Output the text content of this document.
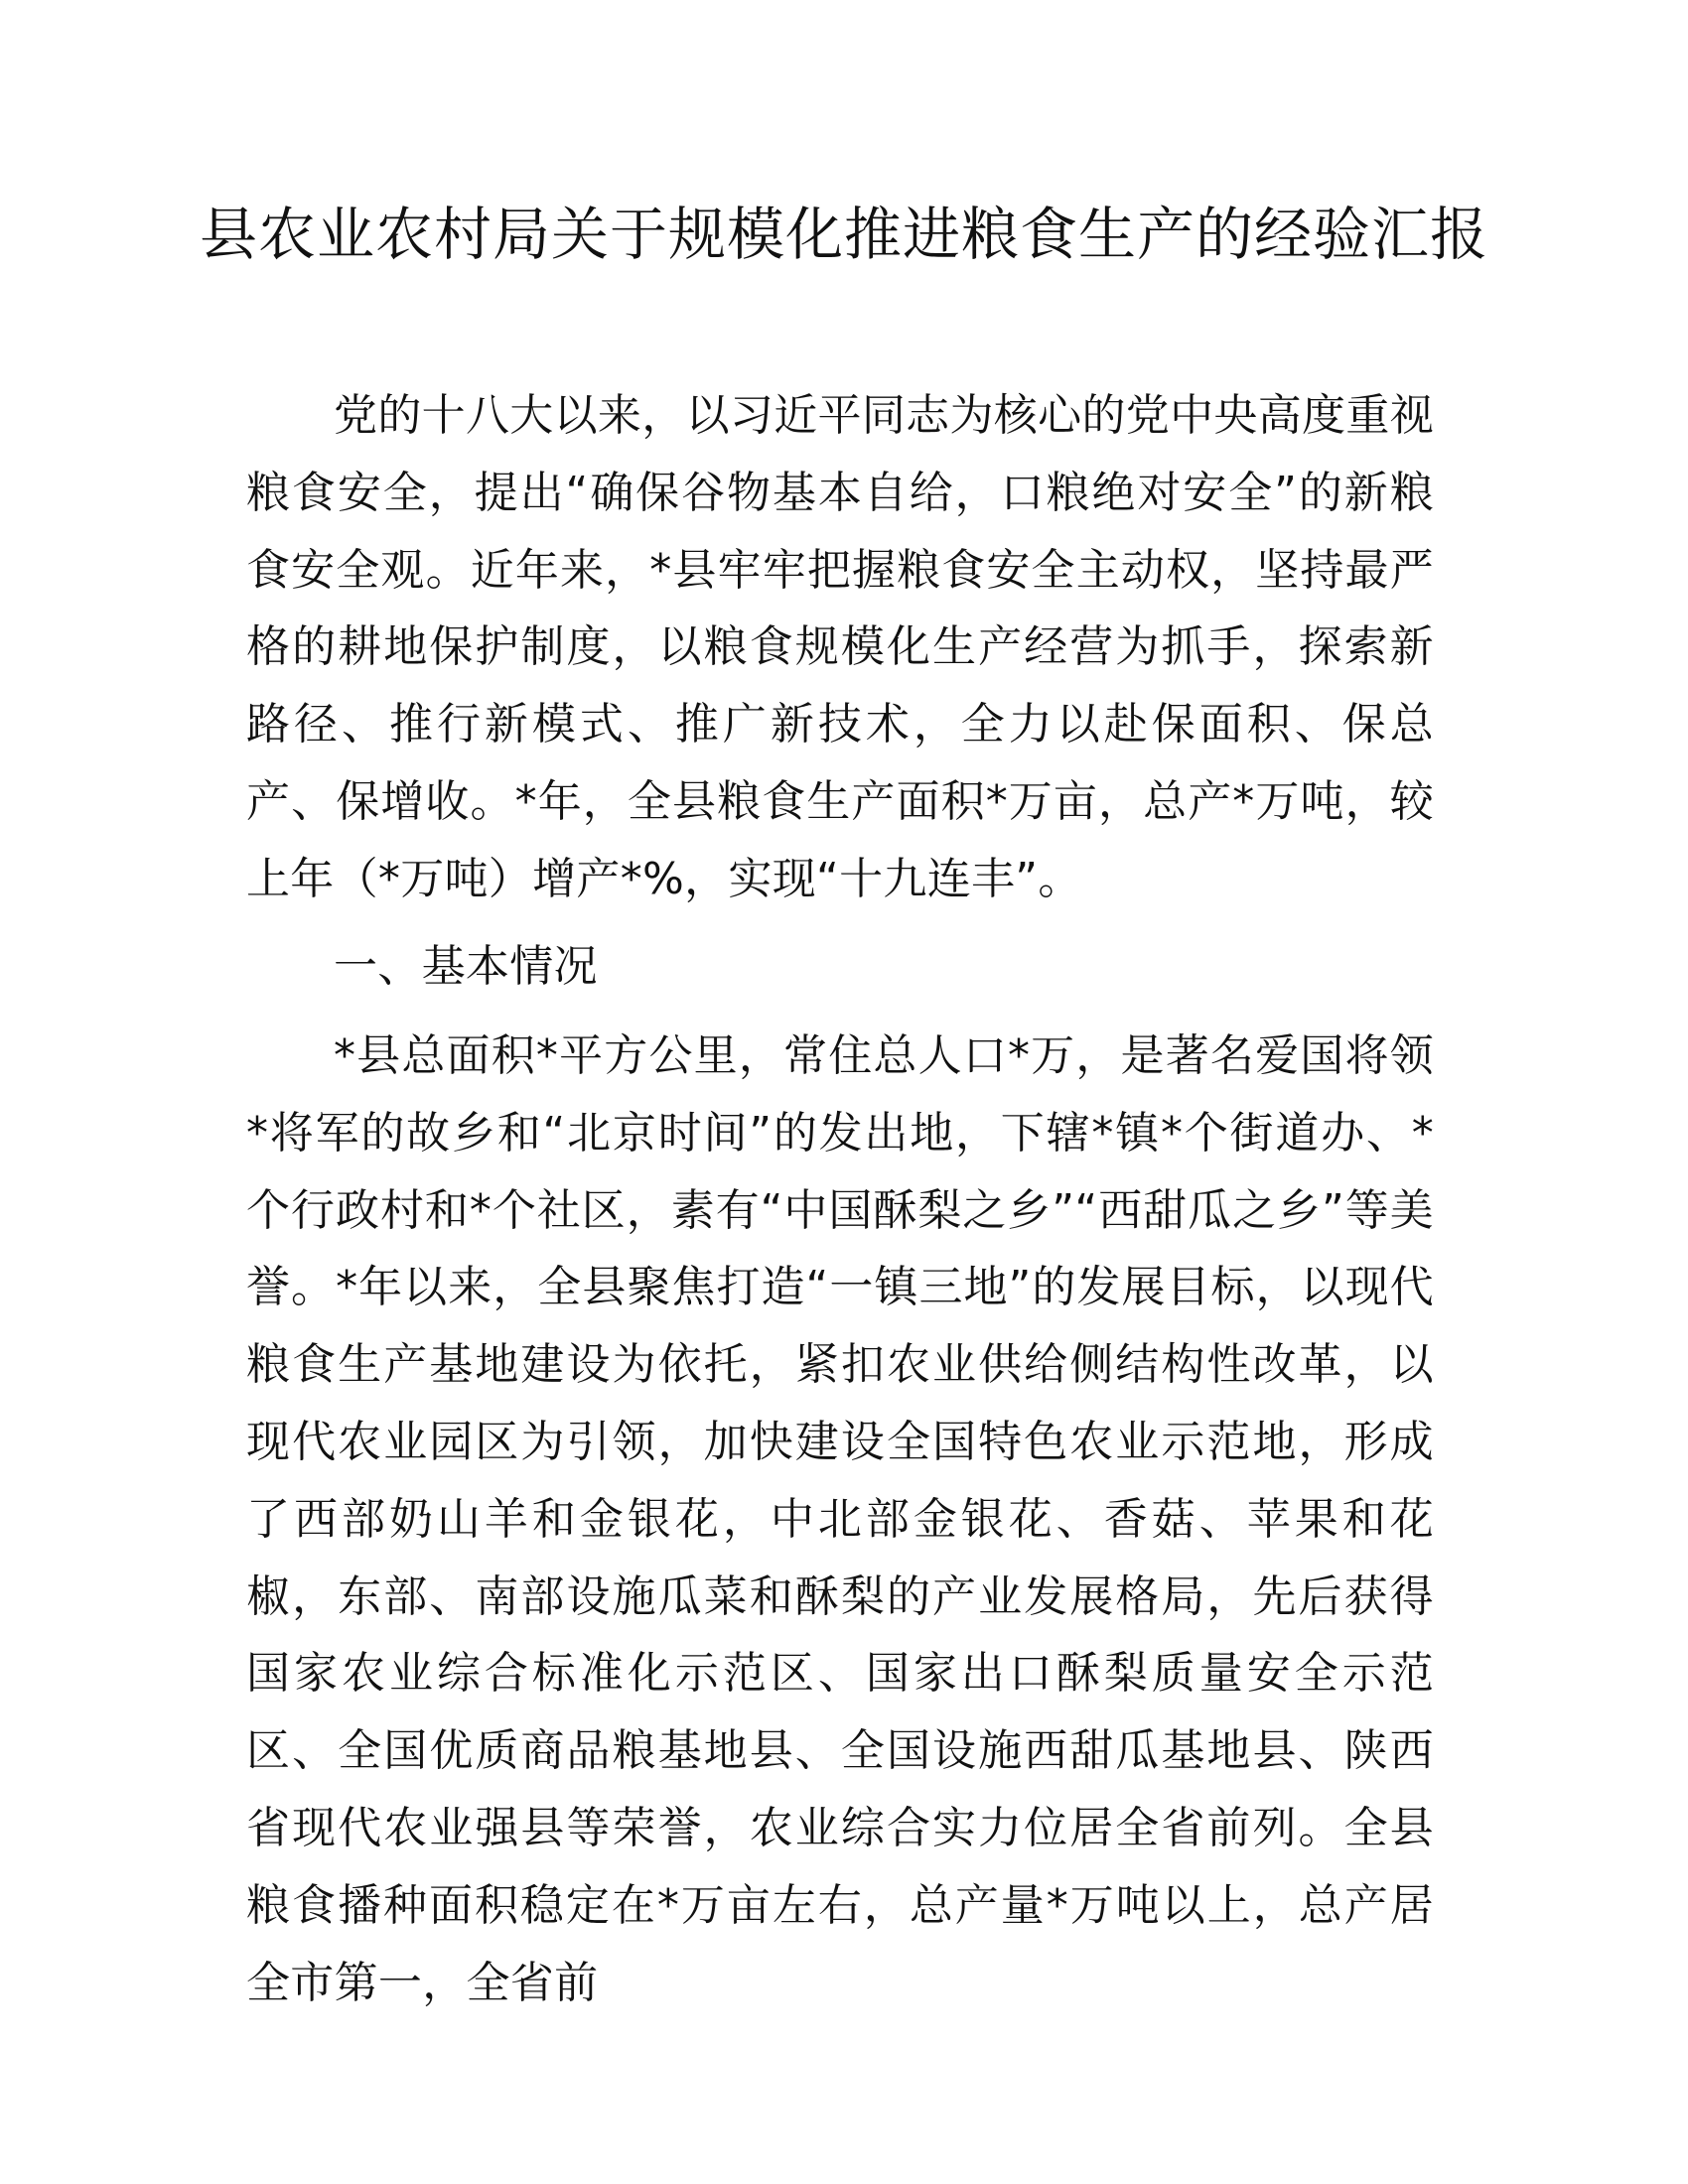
县农业农村局关于规模化推进粮食生产的经验汇报

党的十八大以来，以习近平同志为核心的党中央高度重视粮食安全，提出“确保谷物基本自给，口粮绝对安全”的新粮食安全观。近年来，*县牢牢把握粮食安全主动权，坚持最严格的耕地保护制度，以粮食规模化生产经营为抓手，探索新路径、推行新模式、推广新技术，全力以赴保面积、保总产、保增收。*年，全县粮食生产面积*万亩，总产*万吨，较上年（*万吨）增产*%，实现“十九连丰”。

一、基本情况

*县总面积*平方公里，常住总人口*万，是著名爱国将领*将军的故乡和“北京时间”的发出地，下辖*镇*个街道办、*个行政村和*个社区，素有“中国酥梨之乡”“西甜瓜之乡”等美誉。*年以来，全县聚焦打造“一镇三地”的发展目标，以现代粮食生产基地建设为依托，紧扣农业供给侧结构性改革，以现代农业园区为引领，加快建设全国特色农业示范地，形成了西部奶山羊和金银花，中北部金银花、香菇、苹果和花椒，东部、南部设施瓜菜和酥梨的产业发展格局，先后获得国家农业综合标准化示范区、国家出口酥梨质量安全示范区、全国优质商品粮基地县、全国设施西甜瓜基地县、陕西省现代农业强县等荣誉，农业综合实力位居全省前列。全县粮食播种面积稳定在*万亩左右，总产量*万吨以上，总产居全市第一，全省前
